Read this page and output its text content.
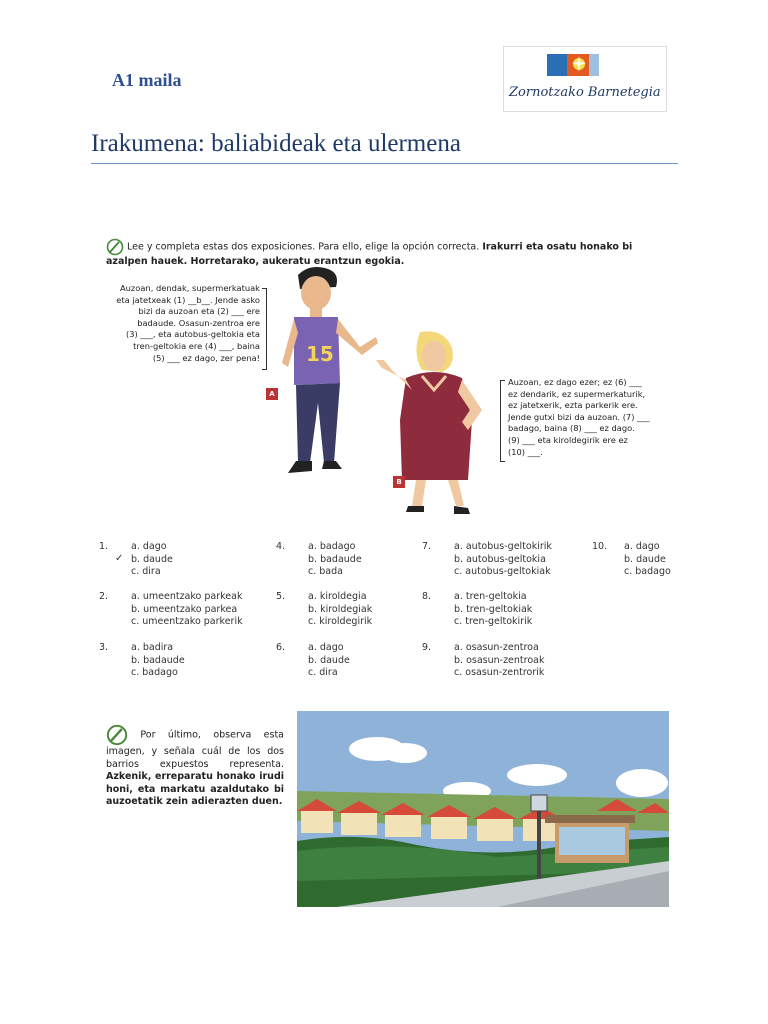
A1 maila
Zornotzako Barnetegia
Irakumena: baliabideak eta ulermena
Lee y completa estas dos exposiciones. Para ello, elige la opción correcta. Irakurri eta osatu honako bi azalpen hauek. Horretarako, aukeratu erantzun egokia.
Auzoan, dendak, supermerkatuak
eta jatetxeak (1) __b__. Jende asko
bizi da auzoan eta (2) ___ ere
badaude. Osasun-zentroa ere
(3) ___, eta autobus-geltokia eta
tren-geltokia ere (4) ___, baina
(5) ___ ez dago, zer pena! 15
A
B
Auzoan, ez dago ezer; ez (6) ___
ez dendarik, ez supermerkaturik,
ez jatetxerik, ezta parkerik ere.
Jende gutxi bizi da auzoan. (7) ___
badago, baina (8) ___ ez dago.
(9) ___ eta kiroldegirik ere ez
(10) ___.
1.
✓
a. dago
b. daude
c. dira
2. a. umeentzako parkeak
b. umeentzako parkea
c. umeentzako parkerik
3. a. badira
b. badaude
c. badago
4. a. badago
b. badaude
c. bada
5. a. kiroldegia
b. kiroldegiak
c. kiroldegirik
6. a. dago
b. daude
c. dira
7. a. autobus-geltokirik
b. autobus-geltokia
c. autobus-geltokiak
8. a. tren-geltokia
b. tren-geltokiak
c. tren-geltokirik
9. a. osasun-zentroa
b. osasun-zentroak
c. osasun-zentrorik
10. a. dago
b. daude
c. badago
Por último, observa esta imagen, y señala cuál de los dos barrios expuestos representa. Azkenik, erreparatu honako irudi honi, eta markatu azaldutako bi auzoetatik zein adierazten duen.
